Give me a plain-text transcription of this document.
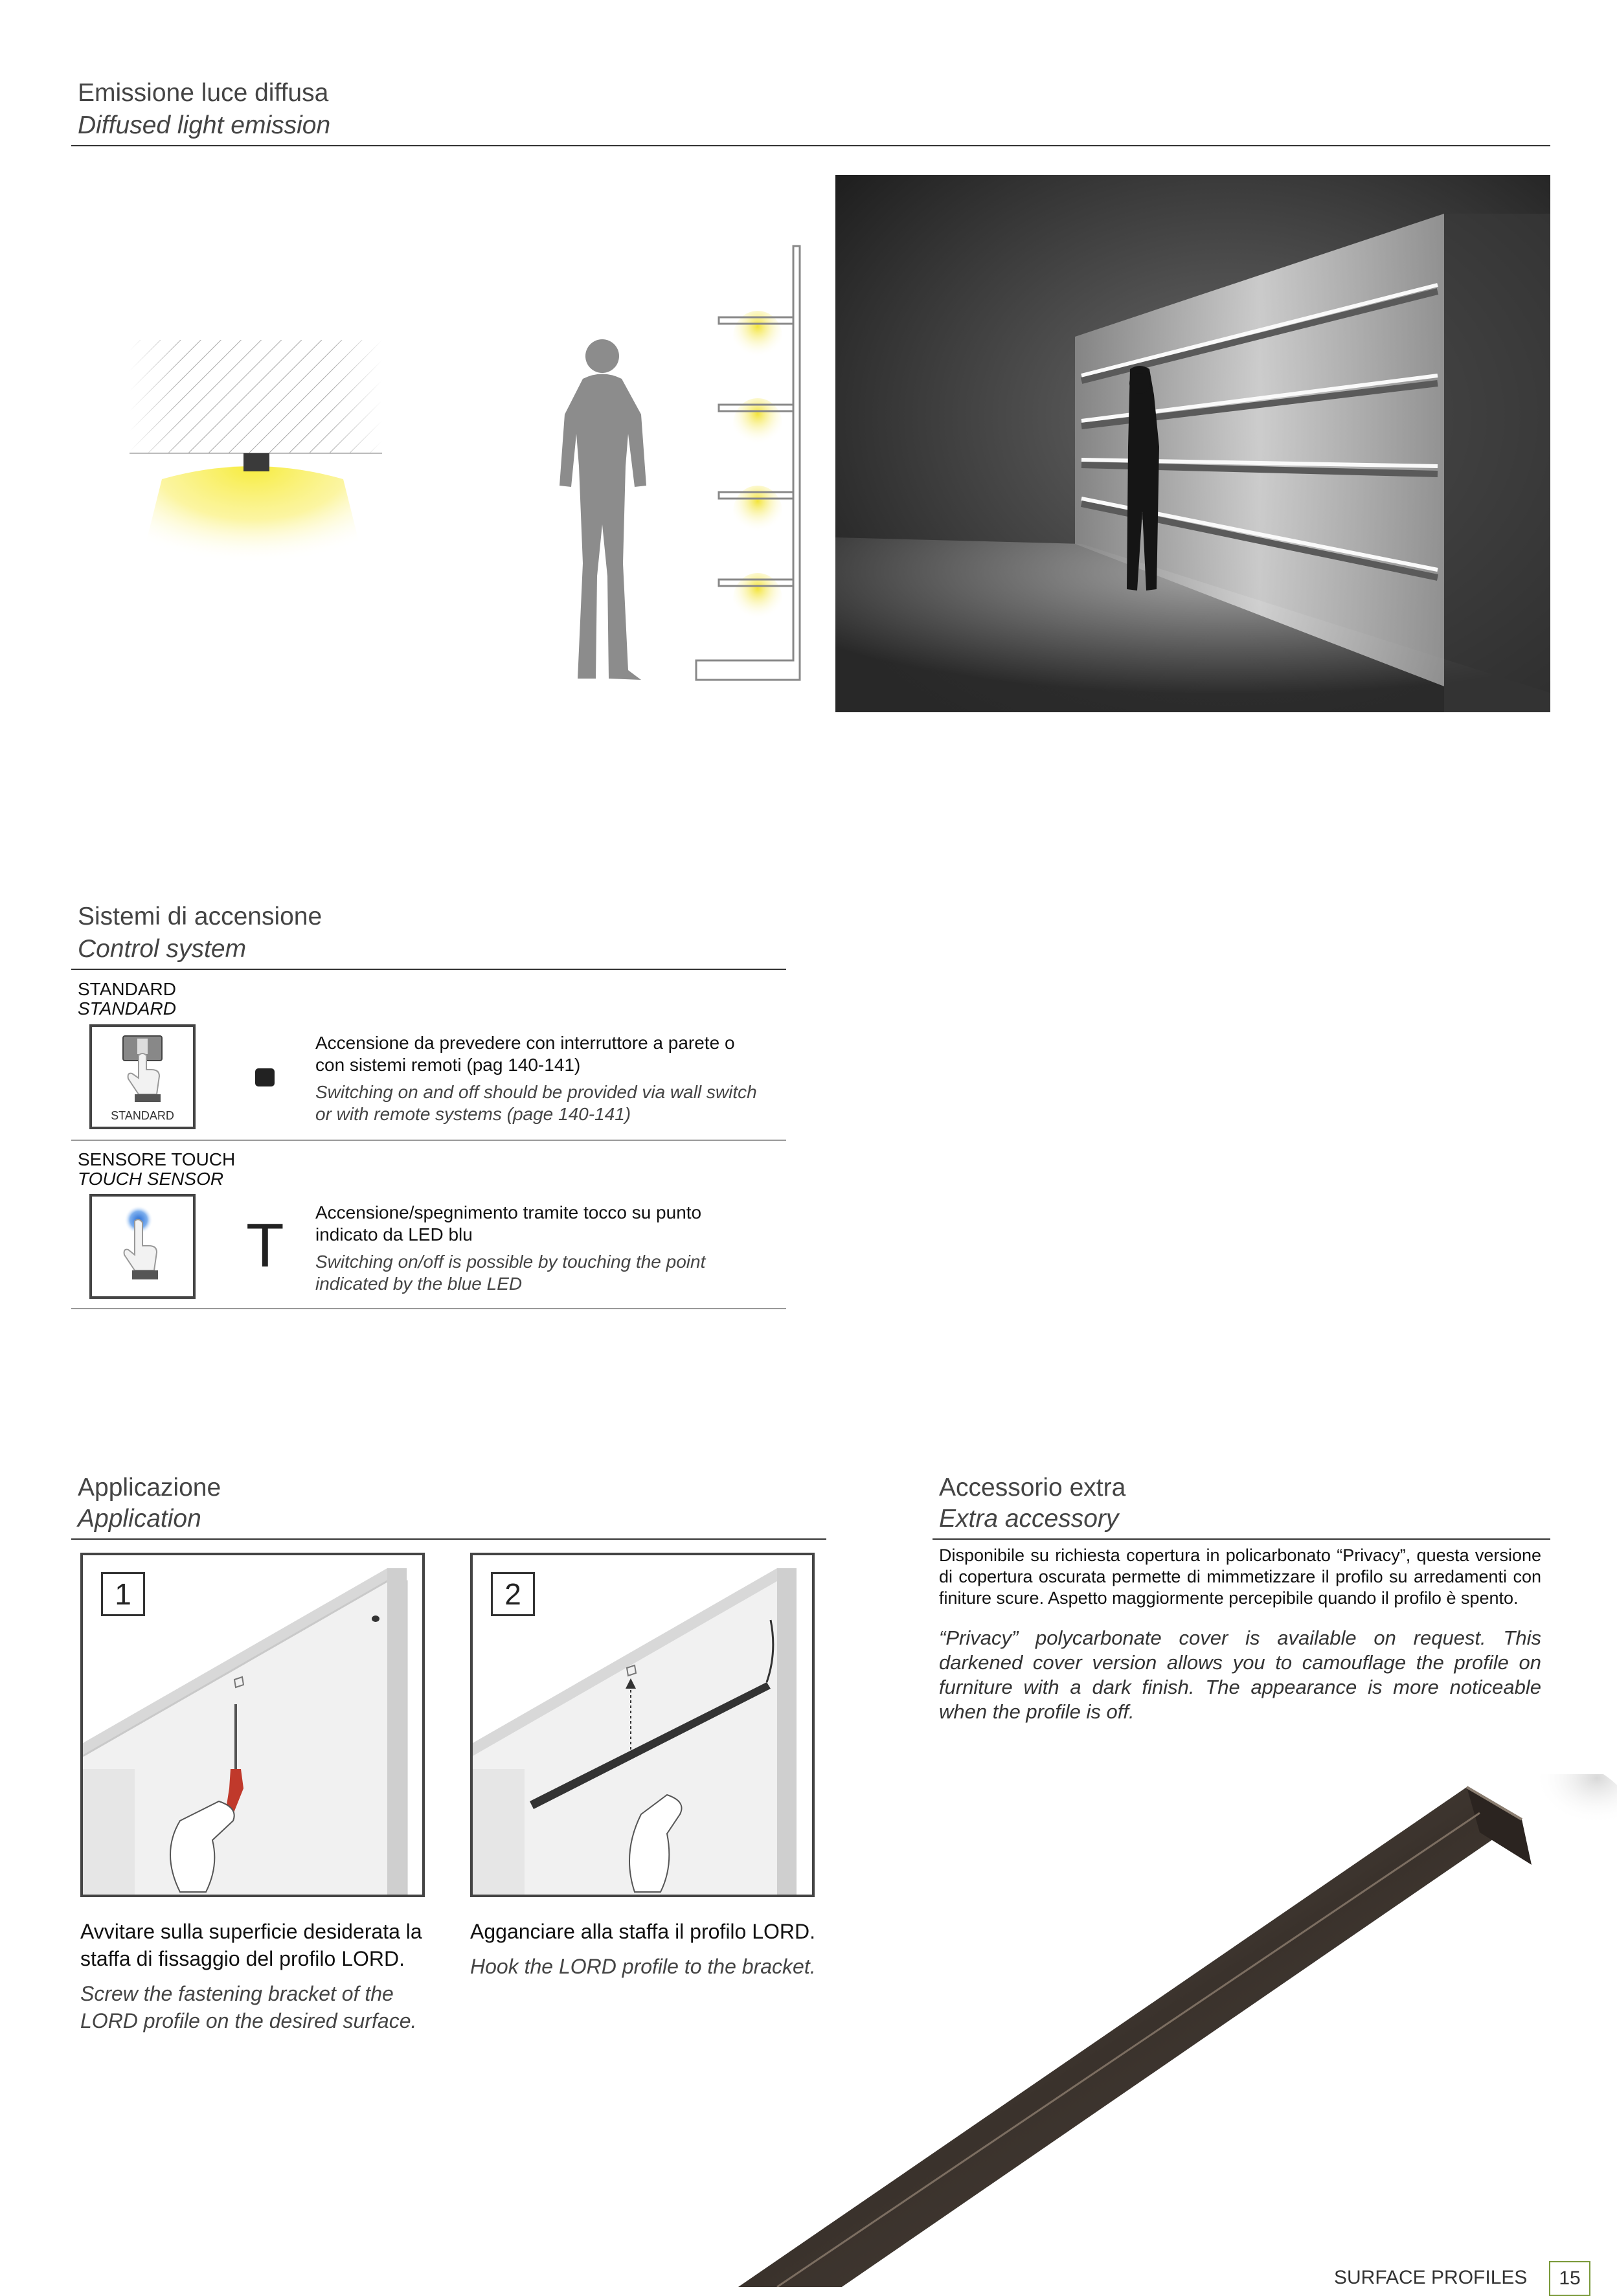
Emissione luce diffusa
Diffused light emission
Sistemi di accensione
Control system
STANDARD
STANDARD
STANDARD
Accensione da prevedere con interruttore a parete o con sistemi remoti (pag 140-141)
Switching on and off should be provided via wall switch or with remote systems (page 140-141)
SENSORE TOUCH
TOUCH SENSOR
T Accensione/spegnimento tramite tocco su punto indicato da LED blu
Switching on/off is possible by touching the point indicated by the blue LED
Applicazione
Application
1
Avvitare sulla superficie desiderata la staffa di fissaggio del profilo LORD.
Screw the fastening bracket of the LORD profile on the desired surface.
2
Agganciare alla staffa il profilo LORD.
Hook the LORD profile to the bracket.
Accessorio extra
Extra accessory
Disponibile su richiesta copertura in policarbonato “Privacy”, questa versione di copertura oscurata permette di mimmetizzare il profilo su arredamenti con finiture scure. Aspetto maggiormente percepibile quando il profilo è spento.
“Privacy” polycarbonate cover is available on request. This darkened cover version allows you to camouflage the profile on furniture with a dark finish. The appearance is more noticeable when the profile is off.
SURFACE PROFILES	15
